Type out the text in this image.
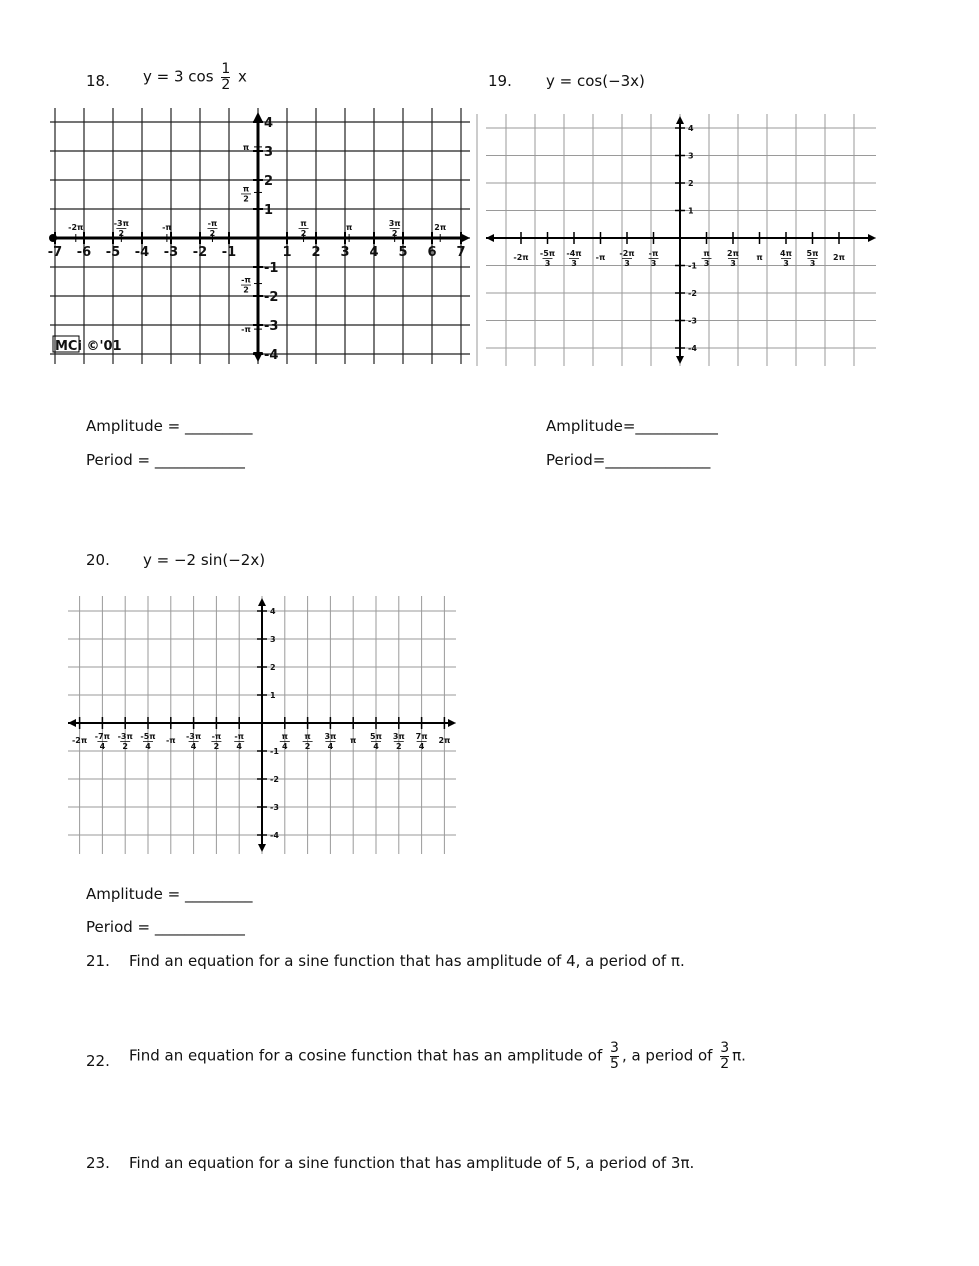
18. y = 3 $\cos \frac{1}{2}$ x
-7 -6 -5 -4 -3 -2 -1	1 2 3 4 5 6 7
-2π	-3π
2
-π	-π
2
π
2
π	3π
2
2π
4
3
2
1
-1
-2
-3
-4
π
π
2
-π
2
-π
MCi ©'01
Amplitude = _________
Period = ____________
19. y = cos(−3x)
-2π -5π
3
-4π
3
-π -2π
3
-π
3
π
3
2π
3
π 4π
3
5π
3
2π
4
3
2
1
-1
-2
-3
-4
Amplitude=___________
Period=______________
20. y = −2 sin(−2x)
-2π -7π
4
-3π
2
-5π
4
-π -3π
4
-π
2
-π
4
π
4
π
2
3π
4
π 5π
4
3π
2
7π
4
2π
4
3
2
1
-1
-2
-3
-4
Amplitude = _________
Period = ____________
21. Find an equation for a sine function that has amplitude of 4, a period of π.
22. Find an equation for a cosine function that has an amplitude of $\frac{3}{5}$ , a period of $\frac{3}{2} \pi$.
23. Find an equation for a sine function that has amplitude of 5, a period of 3π.
